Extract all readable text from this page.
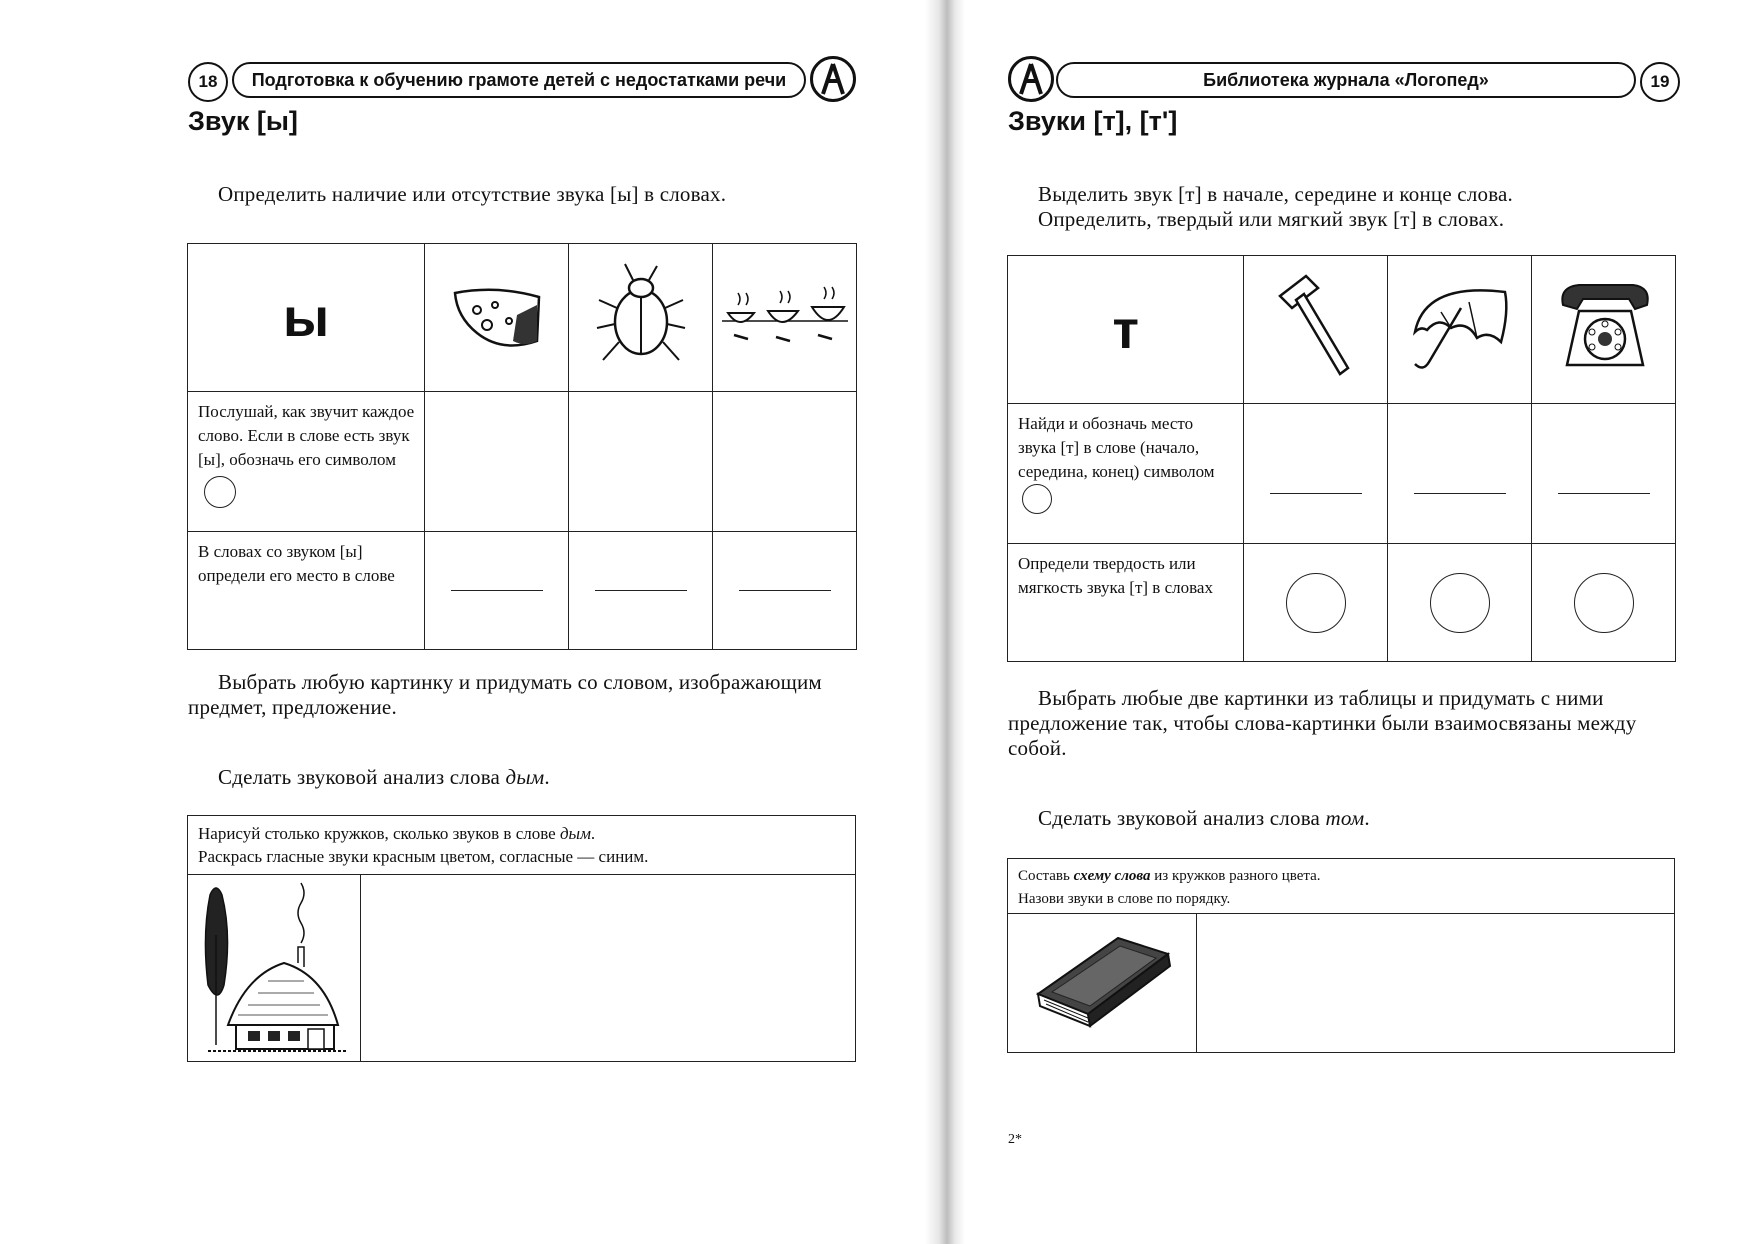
18	Подготовка к обучению грамоте детей с недостатками речи
Звук [ы]
Определить наличие или отсутствие звука [ы] в словах.
ы

Послушай, как звучит каждое слово. Если в слове есть звук [ы], обозначь его символом			

В словах со звуком [ы] определи его место в слове			

Выбрать любую картинку и придумать со словом, изображающим предмет, предложение.
Сделать звуковой анализ слова дым.
Нарисуй столько кружков, сколько звуков в слове дым.
Раскрась гласные звуки красным цветом, согласные — синим.
Библиотека журнала «Логопед»	19
Звуки [т], [т']
Выделить звук [т] в начале, середине и конце слова.
Определить, твердый или мягкий звук [т] в словах.
т

Найди и обозначь место звука [т] в слове (начало, середина, конец) символом			

Определи твердость или мягкость звука [т] в словах			

Выбрать любые две картинки из таблицы и придумать с ними предложение так, чтобы слова-картинки были взаимосвязаны между собой.
Сделать звуковой анализ слова том.
Составь схему слова из кружков разного цвета.
Назови звуки в слове по порядку.
2*
